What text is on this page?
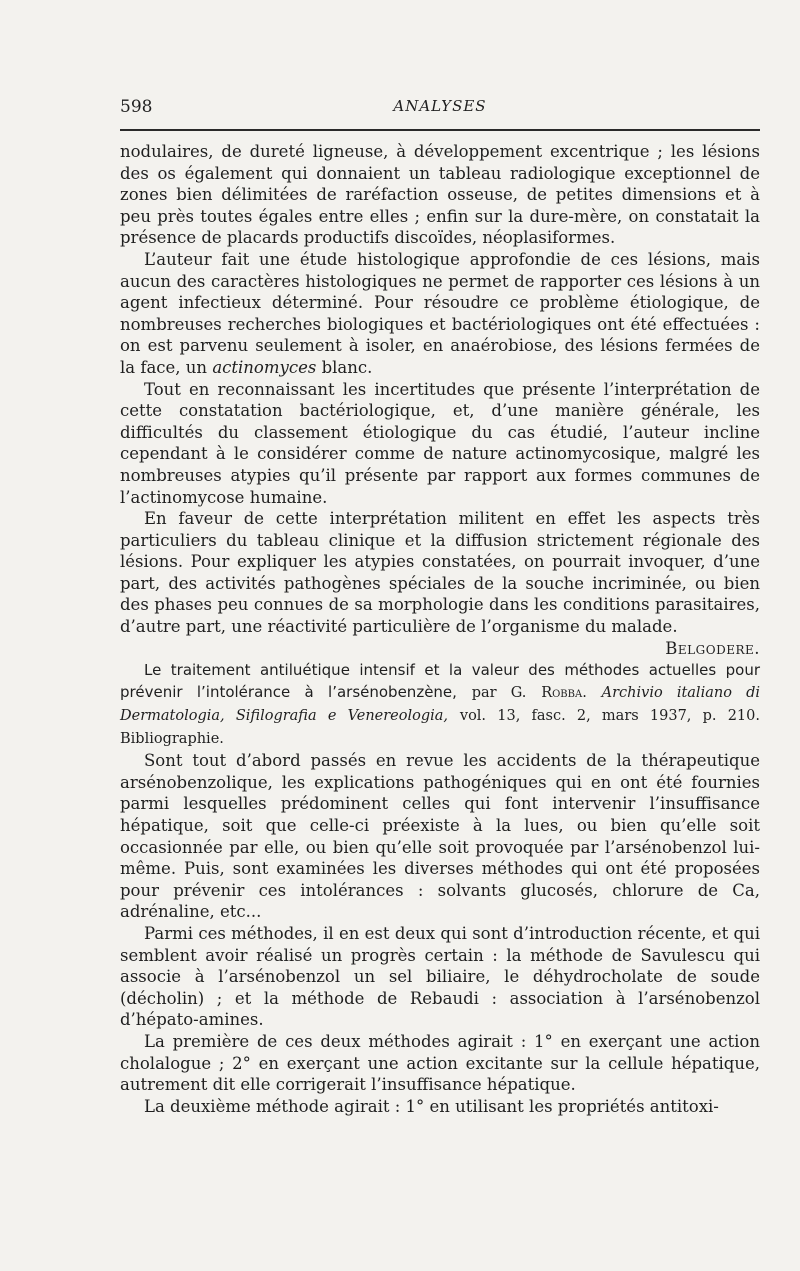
598	ANALYSES

nodulaires, de dureté ligneuse, à développement excentrique ; les lésions des os également qui donnaient un tableau radiologique exceptionnel de zones bien délimitées de raréfaction osseuse, de petites dimensions et à peu près toutes égales entre elles ; enfin sur la dure-mère, on constatait la présence de placards productifs discoïdes, néoplasiformes.

L’auteur fait une étude histologique approfondie de ces lésions, mais aucun des caractères histologiques ne permet de rapporter ces lésions à un agent infectieux déterminé. Pour résoudre ce problème étiologique, de nombreuses recherches biologiques et bactériologiques ont été effectuées : on est parvenu seulement à isoler, en anaérobiose, des lésions fermées de la face, un actinomyces blanc.

Tout en reconnaissant les incertitudes que présente l’interprétation de cette constatation bactériologique, et, d’une manière générale, les difficultés du classement étiologique du cas étudié, l’auteur incline cependant à le considérer comme de nature actinomycosique, malgré les nombreuses atypies qu’il présente par rapport aux formes communes de l’actinomycose humaine.

En faveur de cette interprétation militent en effet les aspects très particuliers du tableau clinique et la diffusion strictement régionale des lésions. Pour expliquer les atypies constatées, on pourrait invoquer, d’une part, des activités pathogènes spéciales de la souche incriminée, ou bien des phases peu connues de sa morphologie dans les conditions parasitaires, d’autre part, une réactivité particulière de l’organisme du malade.

Belgodere.

Le traitement antiluétique intensif et la valeur des méthodes actuelles pour prévenir l’intolérance à l’arsénobenzène, par G. Robba. Archivio italiano di Dermatologia, Sifilografia e Venereologia, vol. 13, fasc. 2, mars 1937, p. 210. Bibliographie.

Sont tout d’abord passés en revue les accidents de la thérapeutique arsénobenzolique, les explications pathogéniques qui en ont été fournies parmi lesquelles prédominent celles qui font intervenir l’insuffisance hépatique, soit que celle-ci préexiste à la lues, ou bien qu’elle soit occasionnée par elle, ou bien qu’elle soit provoquée par l’arsénobenzol lui-même. Puis, sont examinées les diverses méthodes qui ont été proposées pour prévenir ces intolérances : solvants glucosés, chlorure de Ca, adrénaline, etc...

Parmi ces méthodes, il en est deux qui sont d’introduction récente, et qui semblent avoir réalisé un progrès certain : la méthode de Savulescu qui associe à l’arsénobenzol un sel biliaire, le déhydrocholate de soude (décholin) ; et la méthode de Rebaudi : association à l’arsénobenzol d’hépato-amines.

La première de ces deux méthodes agirait : 1° en exerçant une action cholalogue ; 2° en exerçant une action excitante sur la cellule hépatique, autrement dit elle corrigerait l’insuffisance hépatique.

La deuxième méthode agirait : 1° en utilisant les propriétés antitoxi-
